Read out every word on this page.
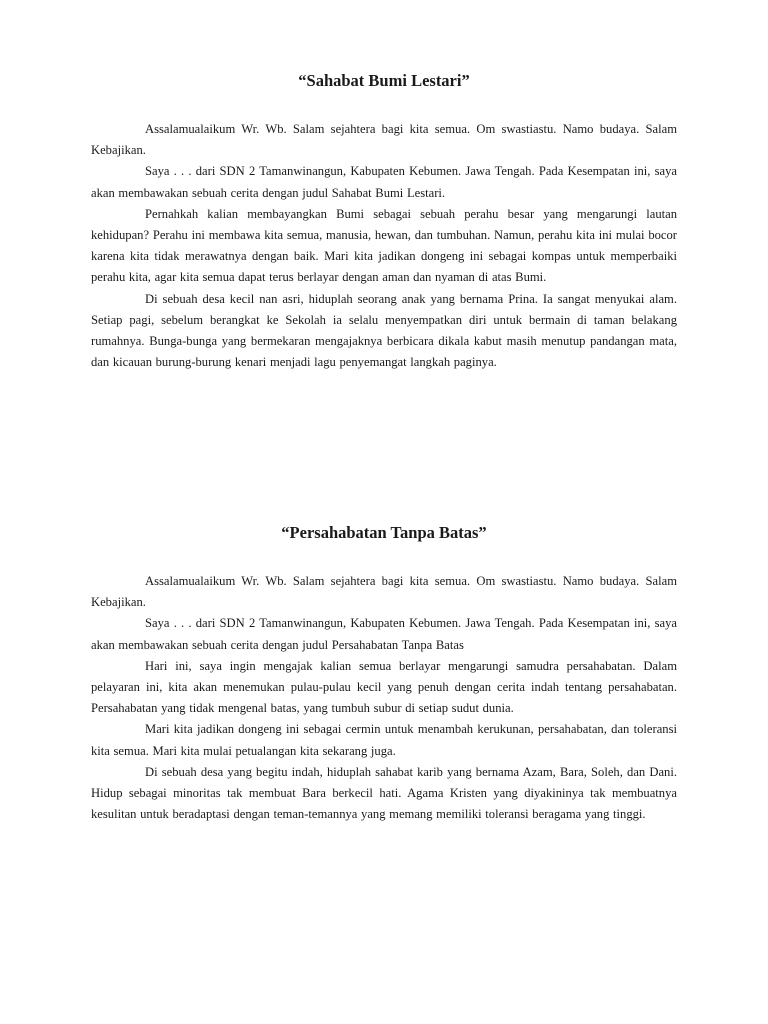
“Sahabat Bumi Lestari”

Assalamualaikum Wr. Wb. Salam sejahtera bagi kita semua. Om swastiastu. Namo budaya. Salam Kebajikan.

Saya . . . dari SDN 2 Tamanwinangun, Kabupaten Kebumen. Jawa Tengah. Pada Kesempatan ini, saya akan membawakan sebuah cerita dengan judul Sahabat Bumi Lestari.

Pernahkah kalian membayangkan Bumi sebagai sebuah perahu besar yang mengarungi lautan kehidupan? Perahu ini membawa kita semua, manusia, hewan, dan tumbuhan. Namun, perahu kita ini mulai bocor karena kita tidak merawatnya dengan baik. Mari kita jadikan dongeng ini sebagai kompas untuk memperbaiki perahu kita, agar kita semua dapat terus berlayar dengan aman dan nyaman di atas Bumi.

Di sebuah desa kecil nan asri, hiduplah seorang anak yang bernama Prina. Ia sangat menyukai alam. Setiap pagi, sebelum berangkat ke Sekolah ia selalu menyempatkan diri untuk bermain di taman belakang rumahnya. Bunga-bunga yang bermekaran mengajaknya berbicara dikala kabut masih menutup pandangan mata, dan kicauan burung-burung kenari menjadi lagu penyemangat langkah paginya.

“Persahabatan Tanpa Batas”

Assalamualaikum Wr. Wb. Salam sejahtera bagi kita semua. Om swastiastu. Namo budaya. Salam Kebajikan.

Saya . . . dari SDN 2 Tamanwinangun, Kabupaten Kebumen. Jawa Tengah. Pada Kesempatan ini, saya akan membawakan sebuah cerita dengan judul Persahabatan Tanpa Batas

Hari ini, saya ingin mengajak kalian semua berlayar mengarungi samudra persahabatan. Dalam pelayaran ini, kita akan menemukan pulau-pulau kecil yang penuh dengan cerita indah tentang persahabatan. Persahabatan yang tidak mengenal batas, yang tumbuh subur di setiap sudut dunia.

Mari kita jadikan dongeng ini sebagai cermin untuk menambah kerukunan, persahabatan, dan toleransi kita semua. Mari kita mulai petualangan kita sekarang juga.

Di sebuah desa yang begitu indah, hiduplah sahabat karib yang bernama Azam, Bara, Soleh, dan Dani. Hidup sebagai minoritas tak membuat Bara berkecil hati. Agama Kristen yang diyakininya tak membuatnya kesulitan untuk beradaptasi dengan teman-temannya yang memang memiliki toleransi beragama yang tinggi.
